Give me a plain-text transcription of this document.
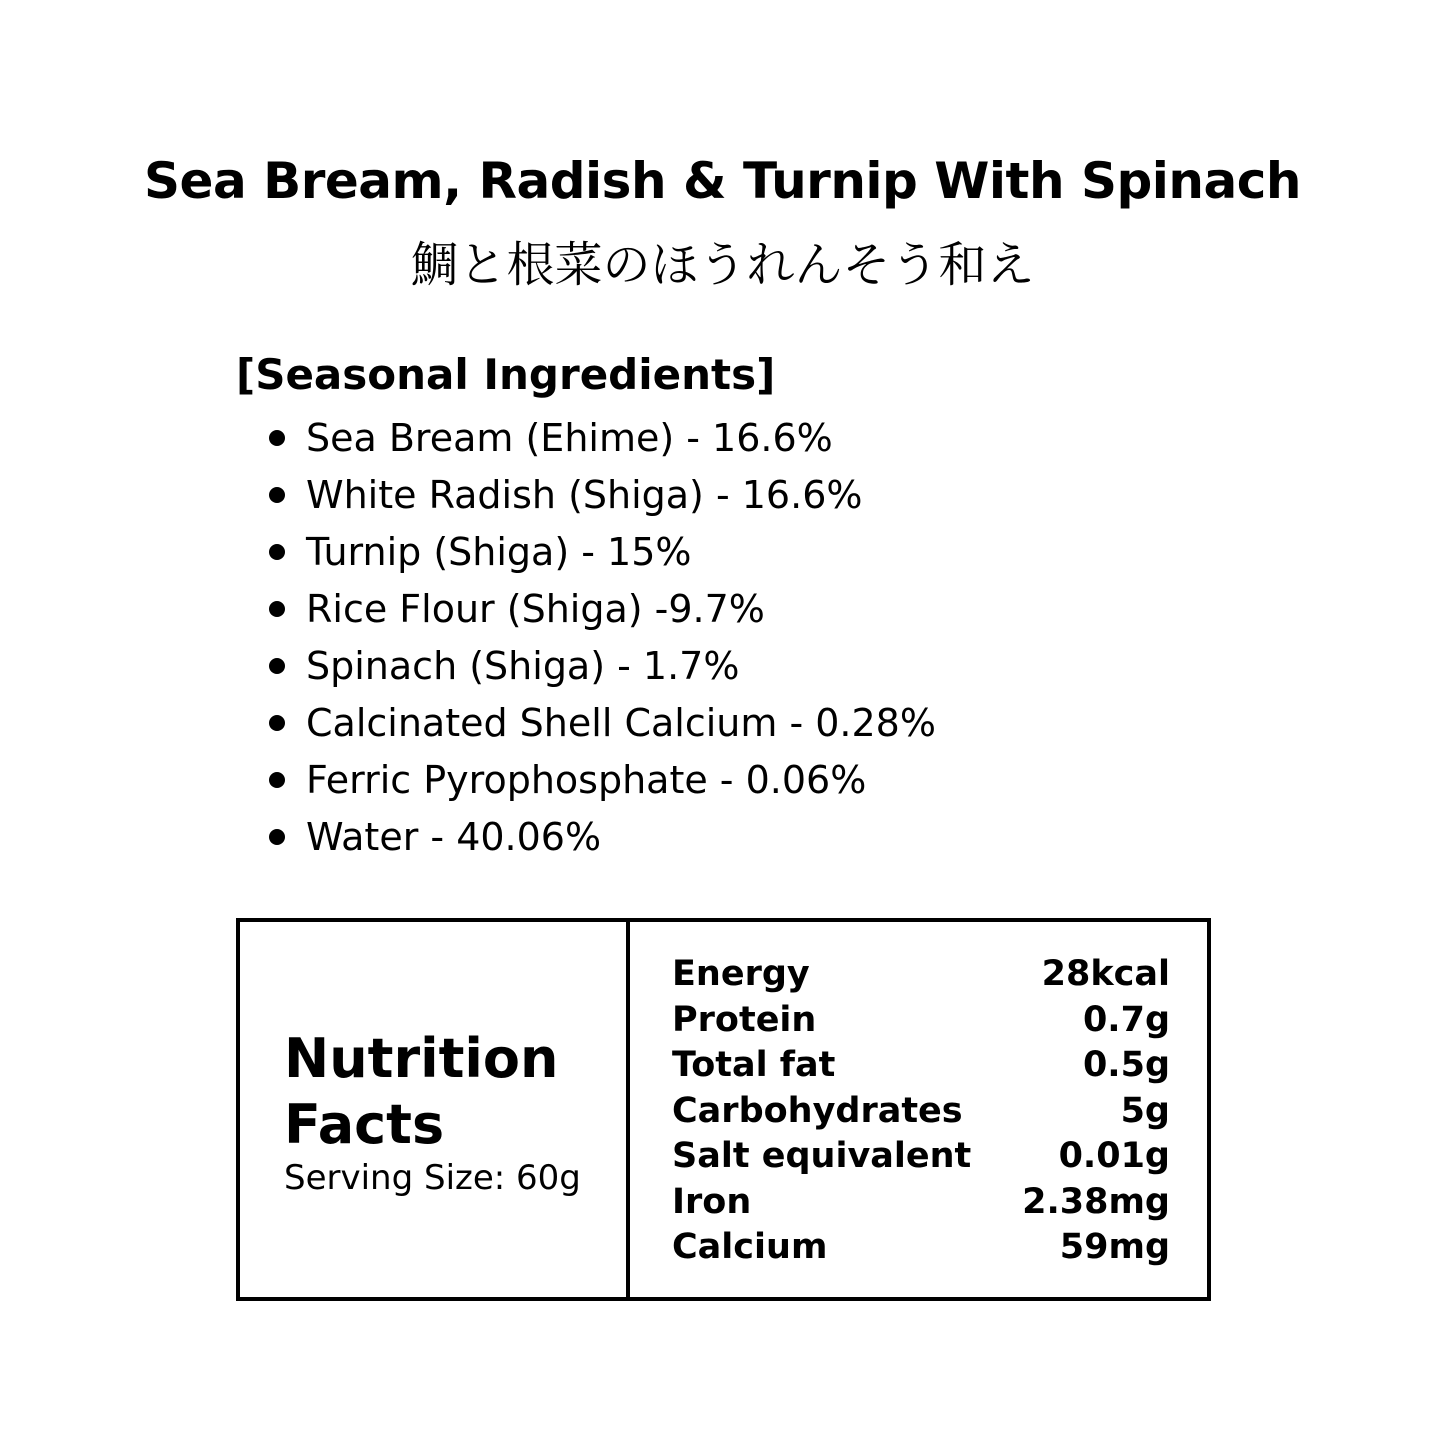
Sea Bream, Radish & Turnip With Spinach
鯛と根菜のほうれんそう和え
[Seasonal Ingredients]
Sea Bream (Ehime) - 16.6%
White Radish (Shiga) - 16.6%
Turnip (Shiga) - 15%
Rice Flour (Shiga) -9.7%
Spinach (Shiga) - 1.7%
Calcinated Shell Calcium - 0.28%
Ferric Pyrophosphate - 0.06%
Water - 40.06%
Nutrition Facts
Serving Size: 60g
Energy	28kcal
Protein	0.7g
Total fat	0.5g
Carbohydrates	5g
Salt equivalent 0.01g
Iron	2.38mg
Calcium	59mg
